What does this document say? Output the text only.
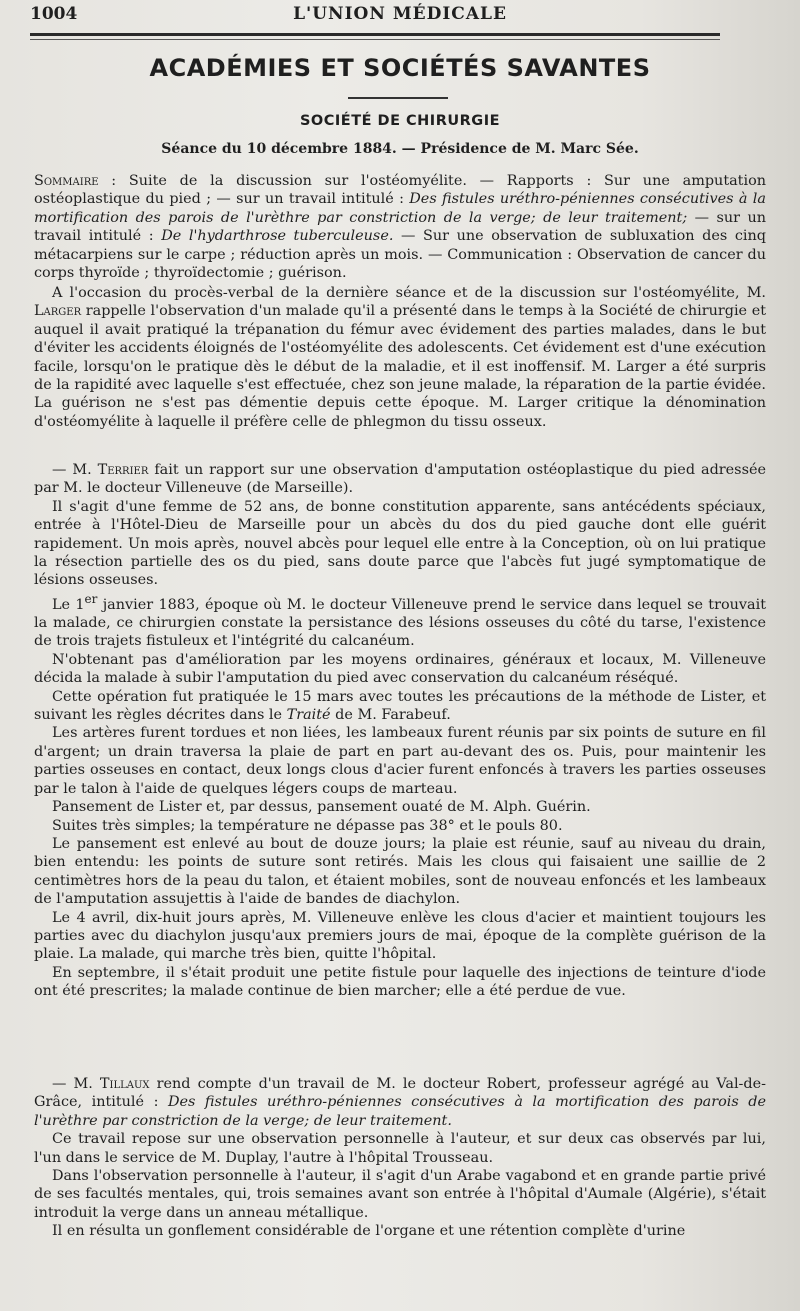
1004	L'UNION MÉDICALE
ACADÉMIES ET SOCIÉTÉS SAVANTES
SOCIÉTÉ DE CHIRURGIE
Séance du 10 décembre 1884. — Présidence de M. Marc Sée.

Sommaire : Suite de la discussion sur l'ostéomyélite. — Rapports : Sur une amputation ostéoplastique du pied ; — sur un travail intitulé : Des fistules uréthro-péniennes consécutives à la mortification des parois de l'urèthre par constriction de la verge; de leur traitement; — sur un travail intitulé : De l'hydarthrose tuberculeuse. — Sur une observation de subluxation des cinq métacarpiens sur le carpe ; réduction après un mois. — Communication : Observation de cancer du corps thyroïde ; thyroïdectomie ; guérison.

A l'occasion du procès-verbal de la dernière séance et de la discussion sur l'ostéomyélite, M. Larger rappelle l'observation d'un malade qu'il a présenté dans le temps à la Société de chirurgie et auquel il avait pratiqué la trépanation du fémur avec évidement des parties malades, dans le but d'éviter les accidents éloignés de l'ostéomyélite des adolescents. Cet évidement est d'une exécution facile, lorsqu'on le pratique dès le début de la maladie, et il est inoffensif. M. Larger a été surpris de la rapidité avec laquelle s'est effectuée, chez son jeune malade, la réparation de la partie évidée. La guérison ne s'est pas démentie depuis cette époque. M. Larger critique la dénomination d'ostéomyélite à laquelle il préfère celle de phlegmon du tissu osseux.

— M. Terrier fait un rapport sur une observation d'amputation ostéoplastique du pied adressée par M. le docteur Villeneuve (de Marseille).

Il s'agit d'une femme de 52 ans, de bonne constitution apparente, sans antécédents spéciaux, entrée à l'Hôtel-Dieu de Marseille pour un abcès du dos du pied gauche dont elle guérit rapidement. Un mois après, nouvel abcès pour lequel elle entre à la Conception, où on lui pratique la résection partielle des os du pied, sans doute parce que l'abcès fut jugé symptomatique de lésions osseuses.

Le 1er janvier 1883, époque où M. le docteur Villeneuve prend le service dans lequel se trouvait la malade, ce chirurgien constate la persistance des lésions osseuses du côté du tarse, l'existence de trois trajets fistuleux et l'intégrité du calcanéum.

N'obtenant pas d'amélioration par les moyens ordinaires, généraux et locaux, M. Villeneuve décida la malade à subir l'amputation du pied avec conservation du calcanéum réséqué.

Cette opération fut pratiquée le 15 mars avec toutes les précautions de la méthode de Lister, et suivant les règles décrites dans le Traité de M. Farabeuf.

Les artères furent tordues et non liées, les lambeaux furent réunis par six points de suture en fil d'argent; un drain traversa la plaie de part en part au-devant des os. Puis, pour maintenir les parties osseuses en contact, deux longs clous d'acier furent enfoncés à travers les parties osseuses par le talon à l'aide de quelques légers coups de marteau.

Pansement de Lister et, par dessus, pansement ouaté de M. Alph. Guérin.

Suites très simples; la température ne dépasse pas 38° et le pouls 80.

Le pansement est enlevé au bout de douze jours; la plaie est réunie, sauf au niveau du drain, bien entendu: les points de suture sont retirés. Mais les clous qui faisaient une saillie de 2 centimètres hors de la peau du talon, et étaient mobiles, sont de nouveau enfoncés et les lambeaux de l'amputation assujettis à l'aide de bandes de diachylon.

Le 4 avril, dix-huit jours après, M. Villeneuve enlève les clous d'acier et maintient toujours les parties avec du diachylon jusqu'aux premiers jours de mai, époque de la complète guérison de la plaie. La malade, qui marche très bien, quitte l'hôpital.

En septembre, il s'était produit une petite fistule pour laquelle des injections de teinture d'iode ont été prescrites; la malade continue de bien marcher; elle a été perdue de vue.

— M. Tillaux rend compte d'un travail de M. le docteur Robert, professeur agrégé au Val-de-Grâce, intitulé : Des fistules uréthro-péniennes consécutives à la mortification des parois de l'urèthre par constriction de la verge; de leur traitement.

Ce travail repose sur une observation personnelle à l'auteur, et sur deux cas observés par lui, l'un dans le service de M. Duplay, l'autre à l'hôpital Trousseau.

Dans l'observation personnelle à l'auteur, il s'agit d'un Arabe vagabond et en grande partie privé de ses facultés mentales, qui, trois semaines avant son entrée à l'hôpital d'Aumale (Algérie), s'était introduit la verge dans un anneau métallique.

Il en résulta un gonflement considérable de l'organe et une rétention complète d'urine
